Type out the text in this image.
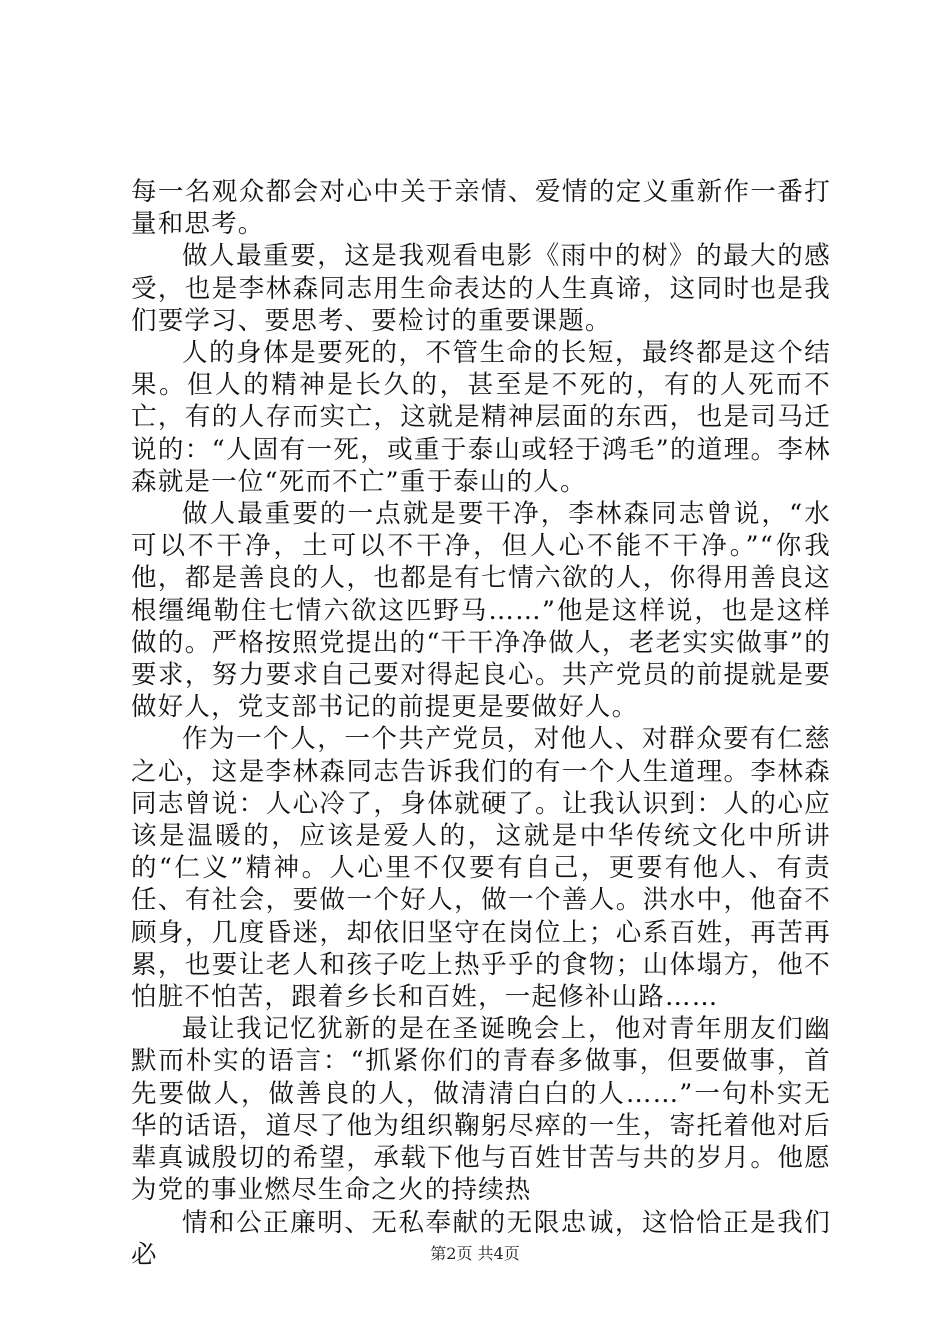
每一名观众都会对心中关于亲情、爱情的定义重新作一番打量和思考。

做人最重要，这是我观看电影《雨中的树》的最大的感受，也是李林森同志用生命表达的人生真谛，这同时也是我们要学习、要思考、要检讨的重要课题。

人的身体是要死的，不管生命的长短，最终都是这个结果。但人的精神是长久的，甚至是不死的，有的人死而不亡，有的人存而实亡，这就是精神层面的东西，也是司马迁说的：“人固有一死，或重于泰山或轻于鸿毛”的道理。李林森就是一位“死而不亡”重于泰山的人。

做人最重要的一点就是要干净，李林森同志曾说，“水可以不干净，土可以不干净，但人心不能不干净。”“你我他，都是善良的人，也都是有七情六欲的人，你得用善良这根缰绳勒住七情六欲这匹野马……”他是这样说，也是这样做的。严格按照党提出的“干干净净做人，老老实实做事”的要求，努力要求自己要对得起良心。共产党员的前提就是要做好人，党支部书记的前提更是要做好人。

作为一个人，一个共产党员，对他人、对群众要有仁慈之心，这是李林森同志告诉我们的有一个人生道理。李林森同志曾说：人心冷了，身体就硬了。让我认识到：人的心应该是温暖的，应该是爱人的，这就是中华传统文化中所讲的“仁义”精神。人心里不仅要有自己，更要有他人、有责任、有社会，要做一个好人，做一个善人。洪水中，他奋不顾身，几度昏迷，却依旧坚守在岗位上；心系百姓，再苦再累，也要让老人和孩子吃上热乎乎的食物；山体塌方，他不怕脏不怕苦，跟着乡长和百姓，一起修补山路……

最让我记忆犹新的是在圣诞晚会上，他对青年朋友们幽默而朴实的语言：“抓紧你们的青春多做事，但要做事，首先要做人，做善良的人，做清清白白的人……”一句朴实无华的话语，道尽了他为组织鞠躬尽瘁的一生，寄托着他对后辈真诚殷切的希望，承载下他与百姓甘苦与共的岁月。他愿为党的事业燃尽生命之火的持续热

情和公正廉明、无私奉献的无限忠诚，这恰恰正是我们必	第2页 共4页
